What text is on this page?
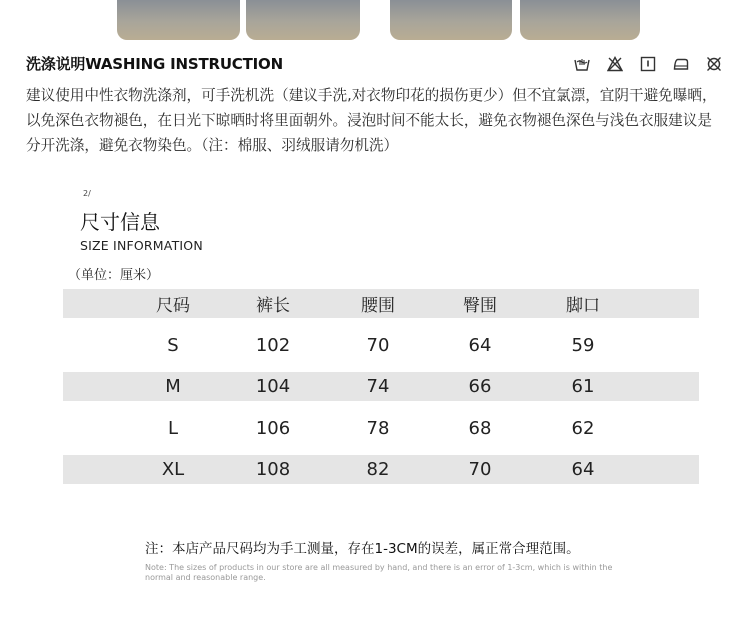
洗涤说明WASHING INSTRUCTION

建议使用中性衣物洗涤剂，可手洗机洗（建议手洗,对衣物印花的损伤更少）但不宜氯漂，宜阴干避免曝晒，以免深色衣物褪色，在日光下晾晒时将里面朝外。浸泡时间不能太长，避免衣物褪色深色与浅色衣服建议是分开洗涤，避免衣物染色。（注：棉服、羽绒服请勿机洗）

2/
尺寸信息
SIZE INFORMATION
（单位：厘米）
尺码	裤长	腰围	臀围	脚口
S	102	70	64	59
M	104	74	66	61
L	106	78	68	62
XL	108	82	70	64
注：本店产品尺码均为手工测量，存在1-3CM的误差，属正常合理范围。

Note: The sizes of products in our store are all measured by hand, and there is an error of 1-3cm, which is within the normal and reasonable range.
